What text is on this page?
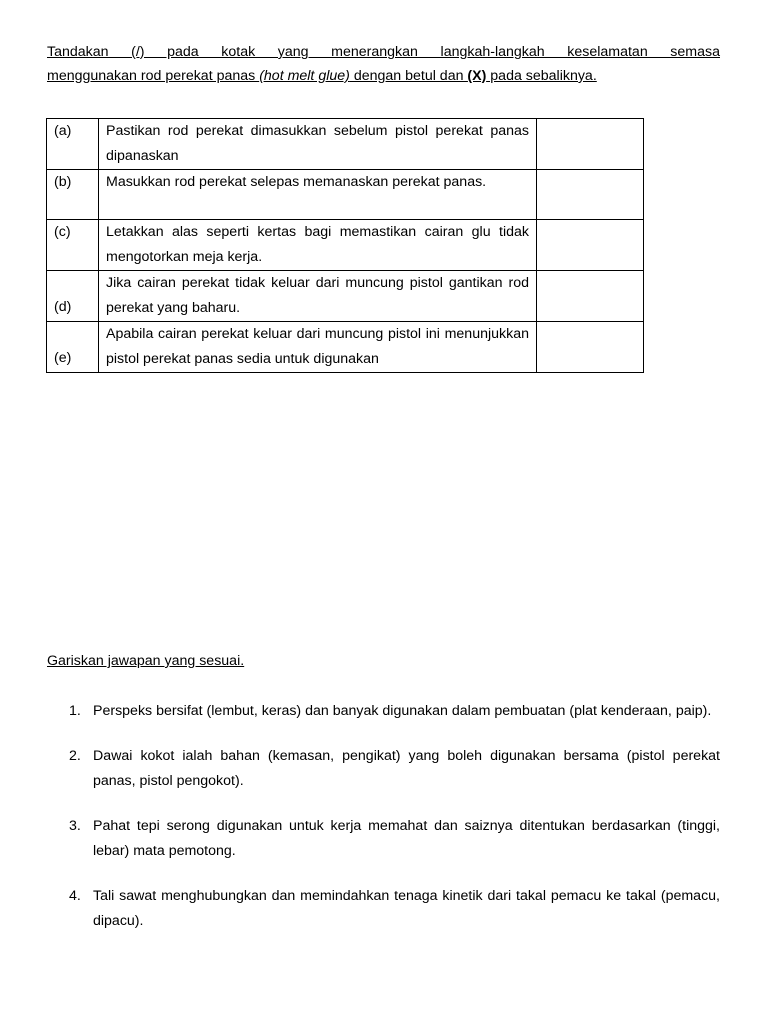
Tandakan (/) pada kotak yang menerangkan langkah-langkah keselamatan semasa

menggunakan rod perekat panas (hot melt glue) dengan betul dan (X) pada sebaliknya.

(a)	Pastikan rod perekat dimasukkan sebelum pistol perekat panas dipanaskan	
(b)	Masukkan rod perekat selepas memanaskan perekat panas.	
(c)	Letakkan alas seperti kertas bagi memastikan cairan glu tidak mengotorkan meja kerja.	
(d)	Jika cairan perekat tidak keluar dari muncung pistol gantikan rod perekat yang baharu.	
(e)	Apabila cairan perekat keluar dari muncung pistol ini menunjukkan pistol perekat panas sedia untuk digunakan	

Gariskan jawapan yang sesuai.

1. Perspeks bersifat (lembut, keras) dan banyak digunakan dalam pembuatan (plat kenderaan, paip).
2. Dawai kokot ialah bahan (kemasan, pengikat) yang boleh digunakan bersama (pistol perekat panas, pistol pengokot).
3. Pahat tepi serong digunakan untuk kerja memahat dan saiznya ditentukan berdasarkan (tinggi, lebar) mata pemotong.
4. Tali sawat menghubungkan dan memindahkan tenaga kinetik dari takal pemacu ke takal (pemacu, dipacu).
